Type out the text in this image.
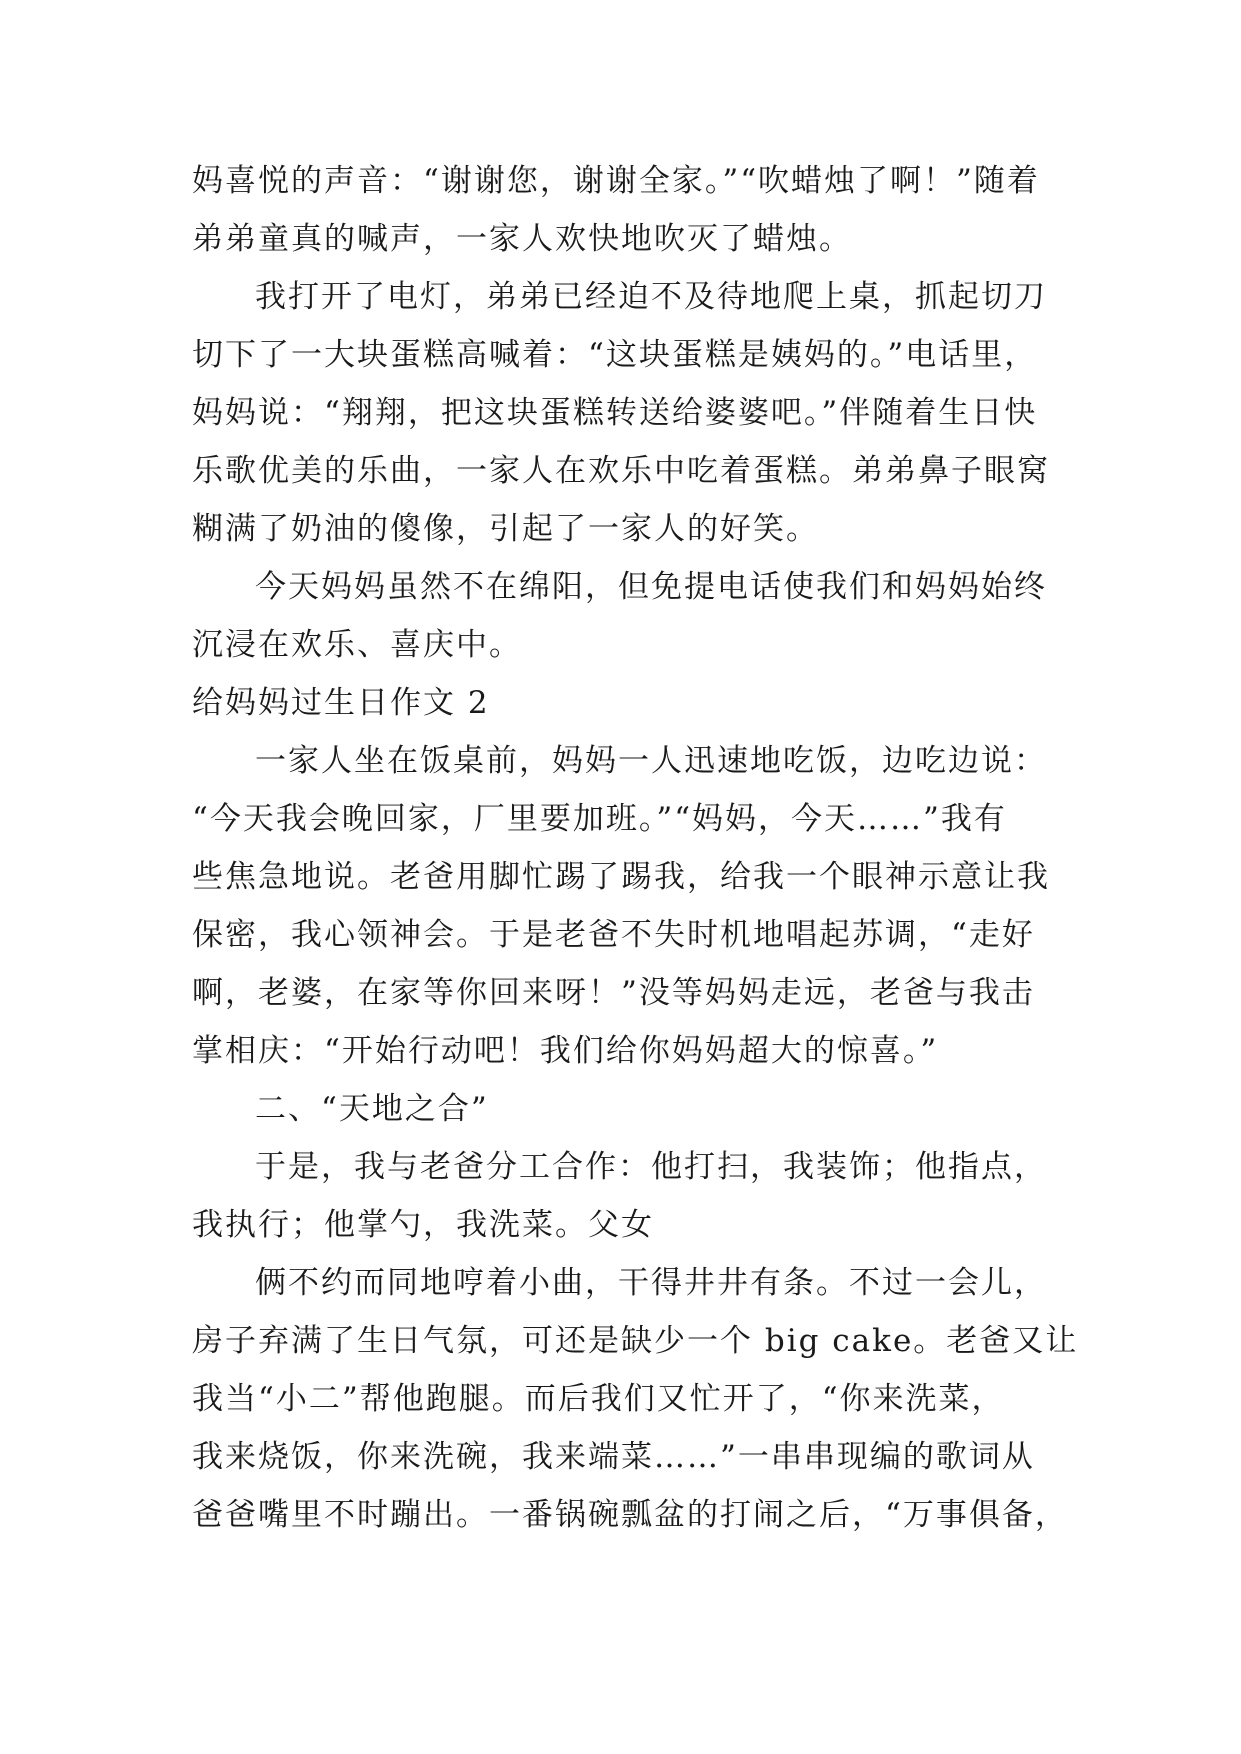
妈喜悦的声音：“谢谢您，谢谢全家。”“吹蜡烛了啊！”随着
弟弟童真的喊声，一家人欢快地吹灭了蜡烛。
我打开了电灯，弟弟已经迫不及待地爬上桌，抓起切刀
切下了一大块蛋糕高喊着：“这块蛋糕是姨妈的。”电话里，
妈妈说：“翔翔，把这块蛋糕转送给婆婆吧。”伴随着生日快
乐歌优美的乐曲，一家人在欢乐中吃着蛋糕。弟弟鼻子眼窝
糊满了奶油的傻像，引起了一家人的好笑。
今天妈妈虽然不在绵阳，但免提电话使我们和妈妈始终
沉浸在欢乐、喜庆中。
给妈妈过生日作文 2
一家人坐在饭桌前，妈妈一人迅速地吃饭，边吃边说：
“今天我会晚回家，厂里要加班。”“妈妈，今天……”我有
些焦急地说。老爸用脚忙踢了踢我，给我一个眼神示意让我
保密，我心领神会。于是老爸不失时机地唱起苏调，“走好
啊，老婆，在家等你回来呀！”没等妈妈走远，老爸与我击
掌相庆：“开始行动吧！我们给你妈妈超大的惊喜。”
二、“天地之合”
于是，我与老爸分工合作：他打扫，我装饰；他指点，
我执行；他掌勺，我洗菜。父女
俩不约而同地哼着小曲，干得井井有条。不过一会儿，
房子弃满了生日气氛，可还是缺少一个 big cake。老爸又让
我当“小二”帮他跑腿。而后我们又忙开了，“你来洗菜，
我来烧饭，你来洗碗，我来端菜……”一串串现编的歌词从
爸爸嘴里不时蹦出。一番锅碗瓢盆的打闹之后，“万事俱备，
